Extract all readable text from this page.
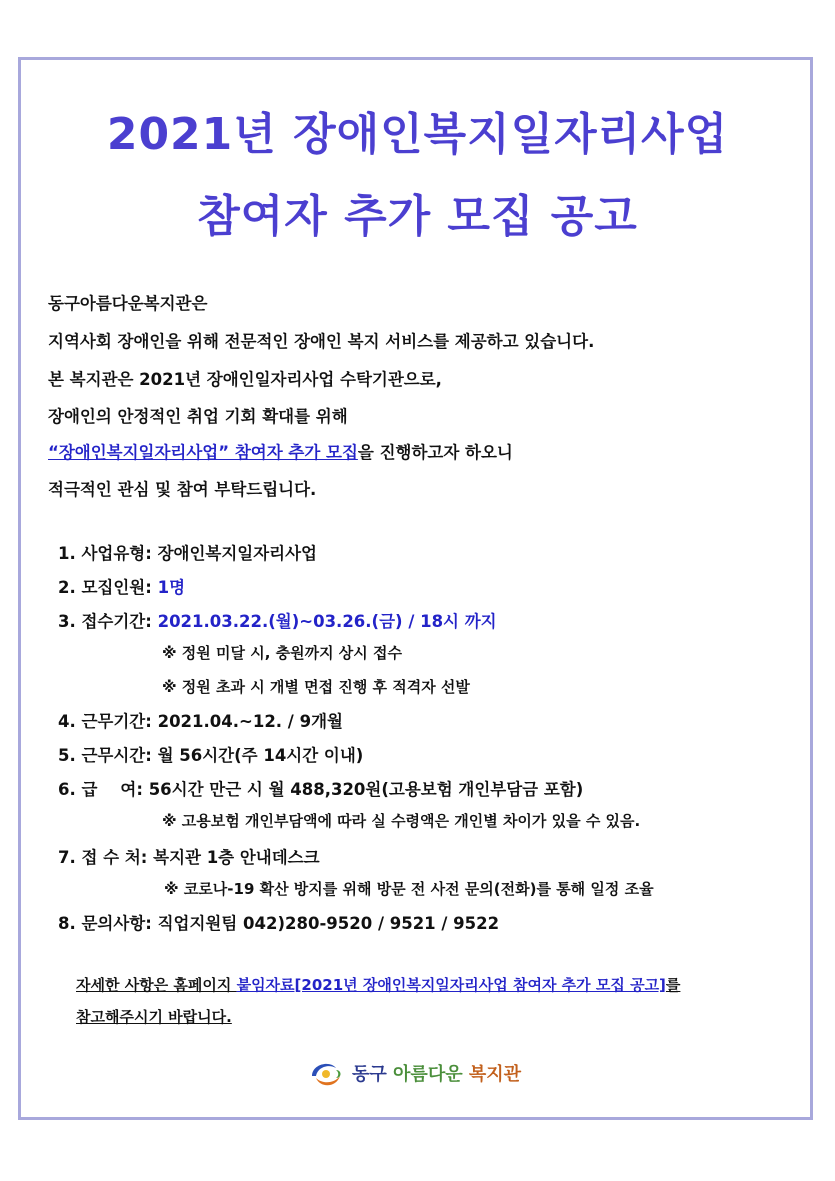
2021년 장애인복지일자리사업
참여자 추가 모집 공고
동구아름다운복지관은
지역사회 장애인을 위해 전문적인 장애인 복지 서비스를 제공하고 있습니다.
본 복지관은 2021년 장애인일자리사업 수탁기관으로,
장애인의 안정적인 취업 기회 확대를 위해
“장애인복지일자리사업” 참여자 추가 모집을 진행하고자 하오니
적극적인 관심 및 참여 부탁드립니다.
1. 사업유형: 장애인복지일자리사업
2. 모집인원: 1명
3. 접수기간: 2021.03.22.(월)~03.26.(금) / 18시 까지
※ 정원 미달 시, 충원까지 상시 접수
※ 정원 초과 시 개별 면접 진행 후 적격자 선발
4. 근무기간: 2021.04.~12. / 9개월
5. 근무시간: 월 56시간(주 14시간 이내)
6. 급    여: 56시간 만근 시 월 488,320원(고용보험 개인부담금 포함)
※ 고용보험 개인부담액에 따라 실 수령액은 개인별 차이가 있을 수 있음.
7. 접 수 처: 복지관 1층 안내데스크
※ 코로나-19 확산 방지를 위해 방문 전 사전 문의(전화)를 통해 일정 조율
8. 문의사항: 직업지원팀 042)280-9520 / 9521 / 9522
자세한 사항은 홈페이지 붙임자료[2021년 장애인복지일자리사업 참여자 추가 모집 공고]를
참고해주시기 바랍니다.
동구 아름다운 복지관
